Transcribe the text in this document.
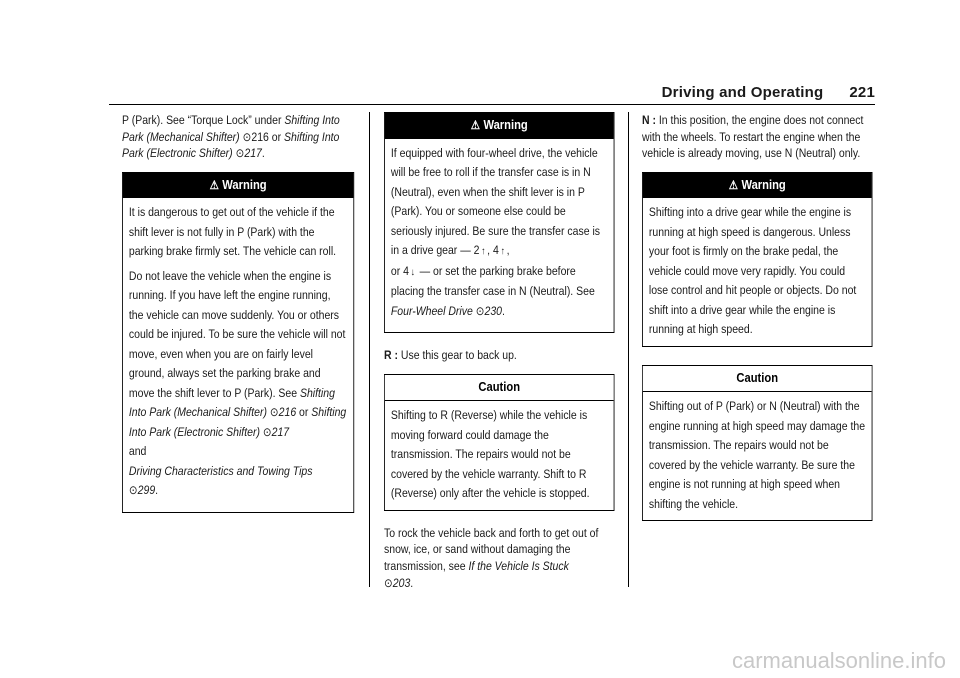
Driving and Operating 221

P (Park). See “Torque Lock” under Shifting Into Park (Mechanical Shifter) ⊙216 or Shifting Into Park (Electronic Shifter) ⊙217.

⚠ Warning

It is dangerous to get out of the vehicle if the shift lever is not fully in P (Park) with the parking brake firmly set. The vehicle can roll.

Do not leave the vehicle when the engine is running. If you have left the engine running, the vehicle can move suddenly. You or others could be injured. To be sure the vehicle will not move, even when you are on fairly level ground, always set the parking brake and move the shift lever to P (Park). See Shifting Into Park (Mechanical Shifter) ⊙216 or Shifting Into Park (Electronic Shifter) ⊙217
and
Driving Characteristics and Towing Tips
⊙299.

⚠ Warning

If equipped with four-wheel drive, the vehicle will be free to roll if the transfer case is in N (Neutral), even when the shift lever is in P (Park). You or someone else could be seriously injured. Be sure the transfer case is in a drive gear — 2 ↑ , 4 ↑ ,
or 4 ↓ — or set the parking brake before placing the transfer case in N (Neutral). See Four-Wheel Drive ⊙230.

R : Use this gear to back up.

Caution
Shifting to R (Reverse) while the vehicle is moving forward could damage the transmission. The repairs would not be covered by the vehicle warranty. Shift to R (Reverse) only after the vehicle is stopped.

To rock the vehicle back and forth to get out of snow, ice, or sand without damaging the transmission, see If the Vehicle Is Stuck
⊙203.

N : In this position, the engine does not connect with the wheels. To restart the engine when the vehicle is already moving, use N (Neutral) only.

⚠ Warning
Shifting into a drive gear while the engine is running at high speed is dangerous. Unless your foot is firmly on the brake pedal, the vehicle could move very rapidly. You could lose control and hit people or objects. Do not shift into a drive gear while the engine is running at high speed.
Caution
Shifting out of P (Park) or N (Neutral) with the engine running at high speed may damage the transmission. The repairs would not be covered by the vehicle warranty. Be sure the engine is not running at high speed when shifting the vehicle.
carmanualsonline.info
